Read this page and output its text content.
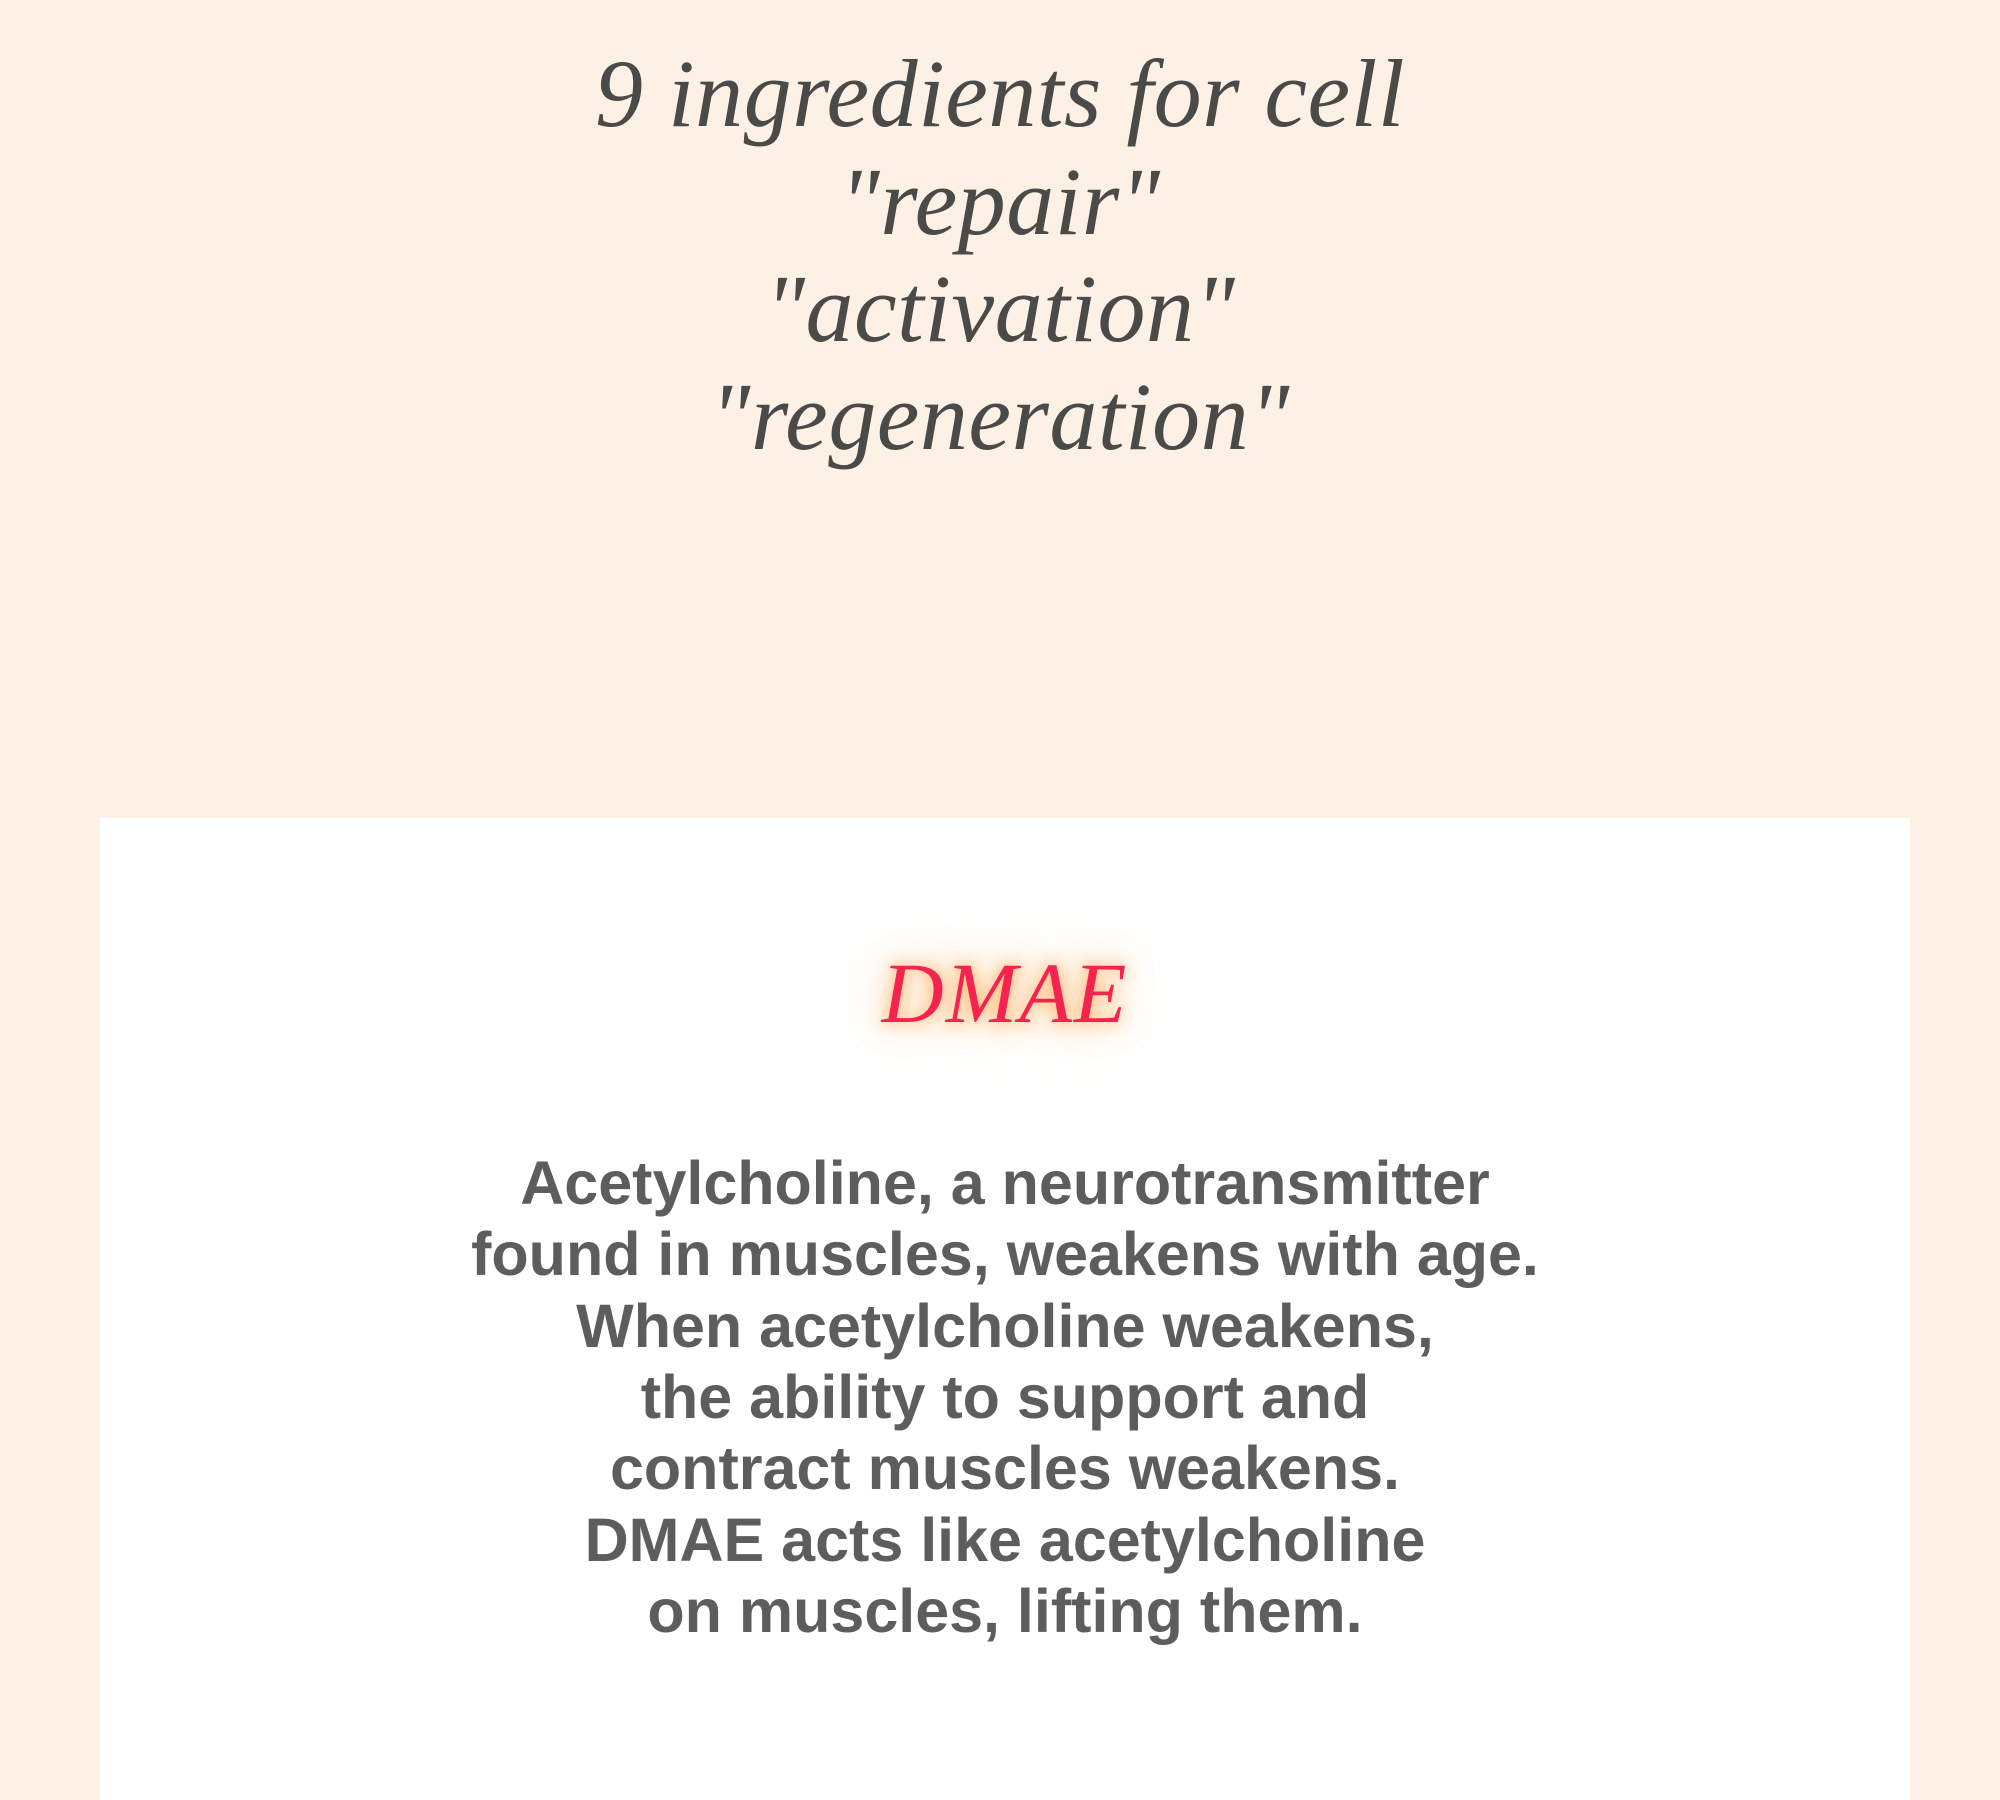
9 ingredients for cell "repair"
"activation"
"regeneration"
DMAE
Acetylcholine, a neurotransmitter
found in muscles, weakens with age.
When acetylcholine weakens,
the ability to support and
contract muscles weakens.
DMAE acts like acetylcholine
on muscles, lifting them.
